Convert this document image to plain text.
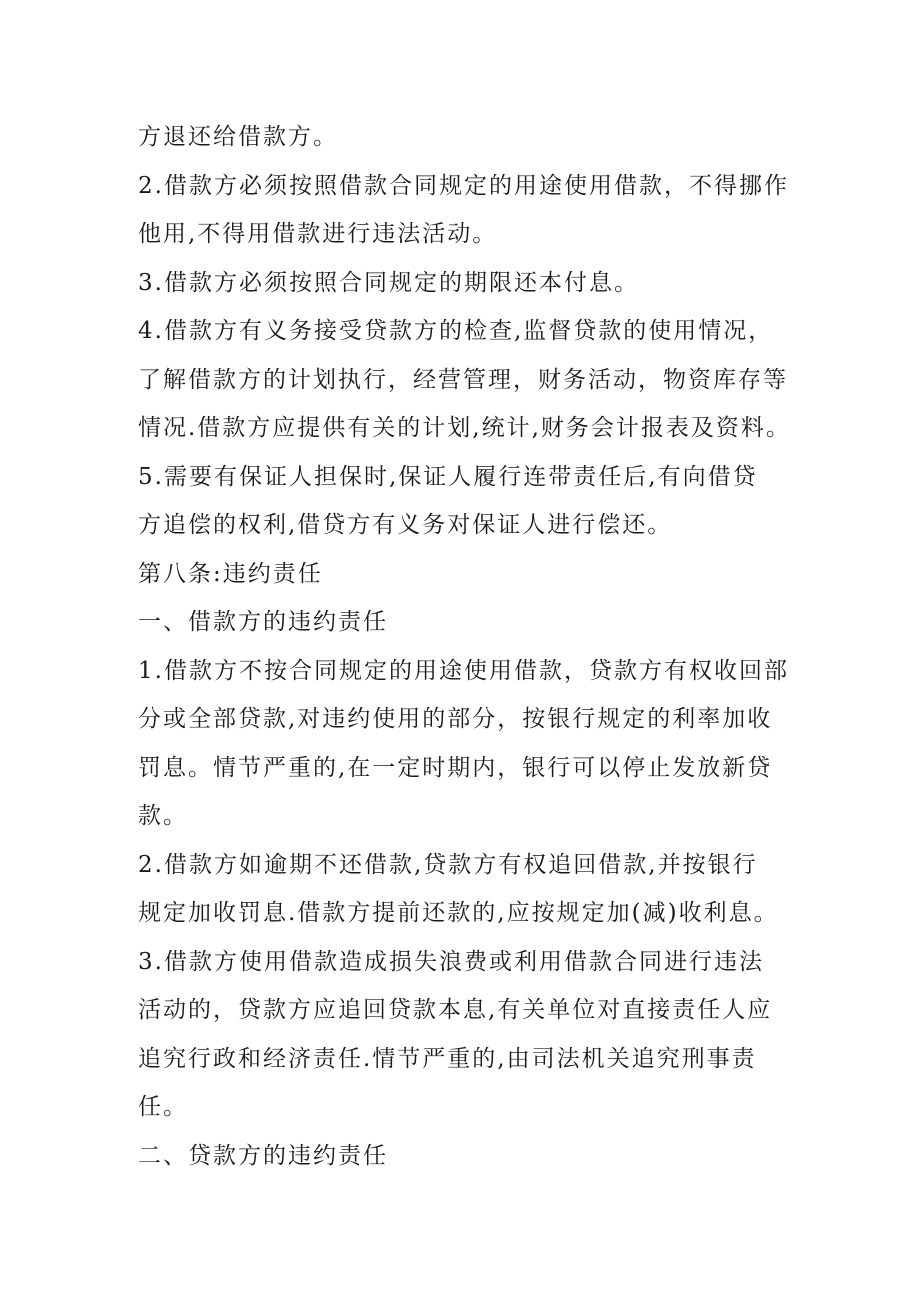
方退还给借款方。
2.借款方必须按照借款合同规定的用途使用借款，不得挪作
他用,不得用借款进行违法活动。
3.借款方必须按照合同规定的期限还本付息。
4.借款方有义务接受贷款方的检查,监督贷款的使用情况，
了解借款方的计划执行，经营管理，财务活动，物资库存等
情况.借款方应提供有关的计划,统计,财务会计报表及资料。
5.需要有保证人担保时,保证人履行连带责任后,有向借贷
方追偿的权利,借贷方有义务对保证人进行偿还。
第八条:违约责任
一、借款方的违约责任
1.借款方不按合同规定的用途使用借款，贷款方有权收回部
分或全部贷款,对违约使用的部分，按银行规定的利率加收
罚息。情节严重的,在一定时期内，银行可以停止发放新贷
款。
2.借款方如逾期不还借款,贷款方有权追回借款,并按银行
规定加收罚息.借款方提前还款的,应按规定加(减)收利息。
3.借款方使用借款造成损失浪费或利用借款合同进行违法
活动的，贷款方应追回贷款本息,有关单位对直接责任人应
追究行政和经济责任.情节严重的,由司法机关追究刑事责
任。
二、贷款方的违约责任
